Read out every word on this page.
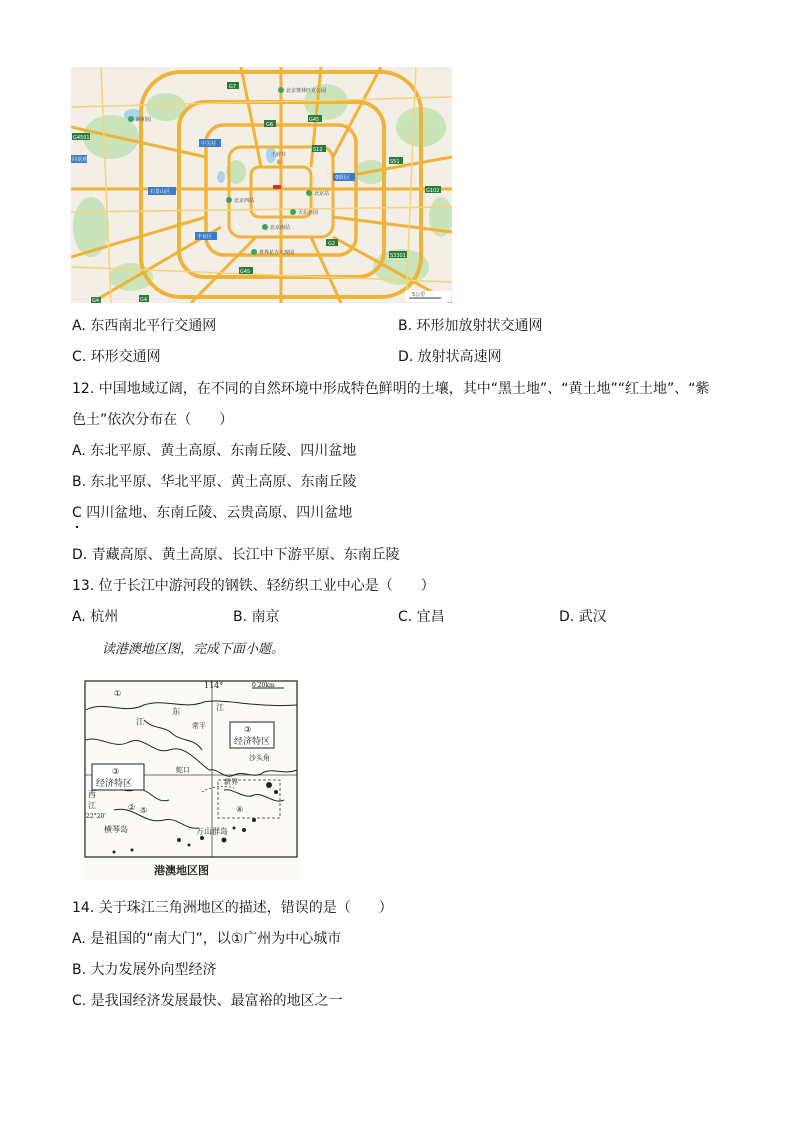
G7
G6
G45
S12
G2
S51
G102
G4501
G4
S3301
G45
G4
中关村
石景山区
丰台区
朝阳区
回龙观
王府井
北京西站
北京站
北京南站
天坛公园
颐和园
世界花卉大观园
北京奥林匹克公园
5公里
A. 东西南北平行交通网	B. 环形加放射状交通网
C. 环形交通网	D. 放射状高速网
12. 中国地域辽阔，在不同的自然环境中形成特色鲜明的土壤，其中“黑土地”、“黄土地”“红土地”、“紫
色土”依次分布在（　　）
A. 东北平原、黄土高原、东南丘陵、四川盆地
B. 东北平原、华北平原、黄土高原、东南丘陵
C 四川盆地、东南丘陵、云贵高原、四川盆地
D. 青藏高原、黄土高原、长江中下游平原、东南丘陵
13. 位于长江中游河段的钢铁、轻纺织工业中心是（　　）
A. 杭州	B. 南京	C. 宜昌	D. 武汉
读港澳地区图，完成下面小题。
114°	0 20km
①
③
经济特区
③
经济特区
江
东	江
常平
沙头角
蛇口
新界
西
江
22°20'
② ⑤	④
横琴岛	万山群岛
港澳地区图
14. 关于珠江三角洲地区的描述，错误的是（　　）
A. 是祖国的“南大门”，以①广州为中心城市
B. 大力发展外向型经济
C. 是我国经济发展最快、最富裕的地区之一
